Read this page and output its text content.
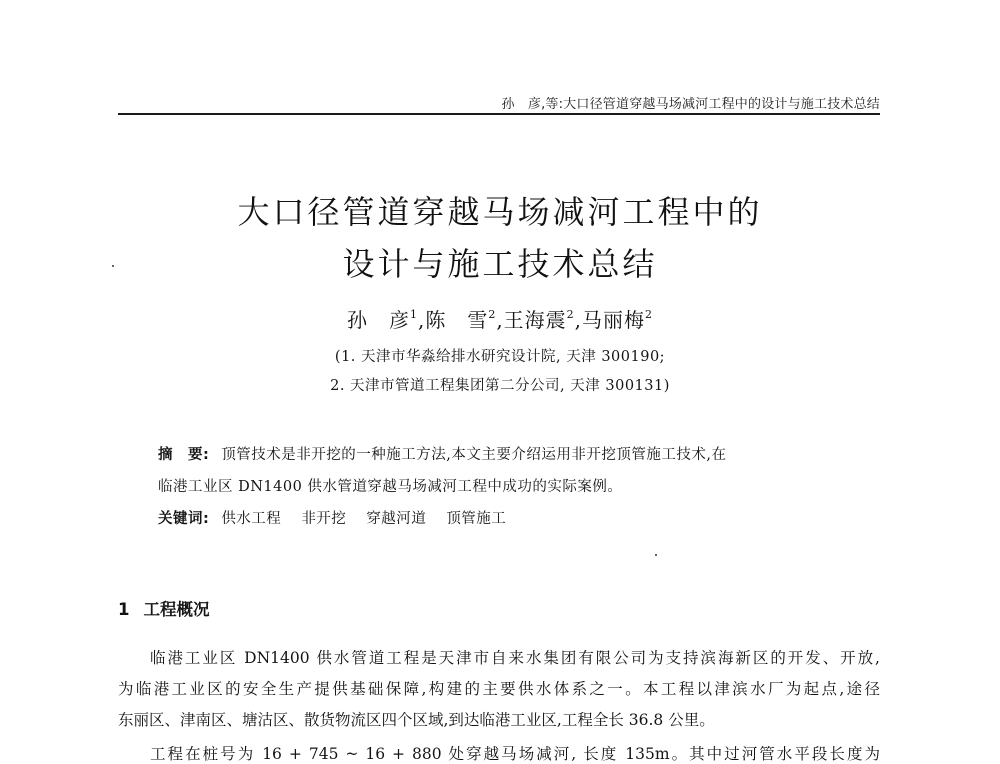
孙　彦,等:大口径管道穿越马场减河工程中的设计与施工技术总结
大口径管道穿越马场减河工程中的
设计与施工技术总结
孙　彦$^1$,陈　雪$^2$,王海震$^2$,马丽梅$^2$
(1. 天津市华淼给排水研究设计院, 天津 300190;
2. 天津市管道工程集团第二分公司, 天津 300131)
摘　要: 顶管技术是非开挖的一种施工方法,本文主要介绍运用非开挖顶管施工技术,在
临港工业区 DN1400 供水管道穿越马场减河工程中成功的实际案例。
关键词: 供水工程 非开挖 穿越河道 顶管施工
1 工程概况
临港工业区 DN1400 供水管道工程是天津市自来水集团有限公司为支持滨海新区的开发、开放,
为临港工业区的安全生产提供基础保障,构建的主要供水体系之一。本工程以津滨水厂为起点,途径
东丽区、津南区、塘沽区、散货物流区四个区域,到达临港工业区,工程全长 36.8 公里。
工程在桩号为 16 + 745 ~ 16 + 880 处穿越马场减河, 长度 135m。其中过河管水平段长度为
